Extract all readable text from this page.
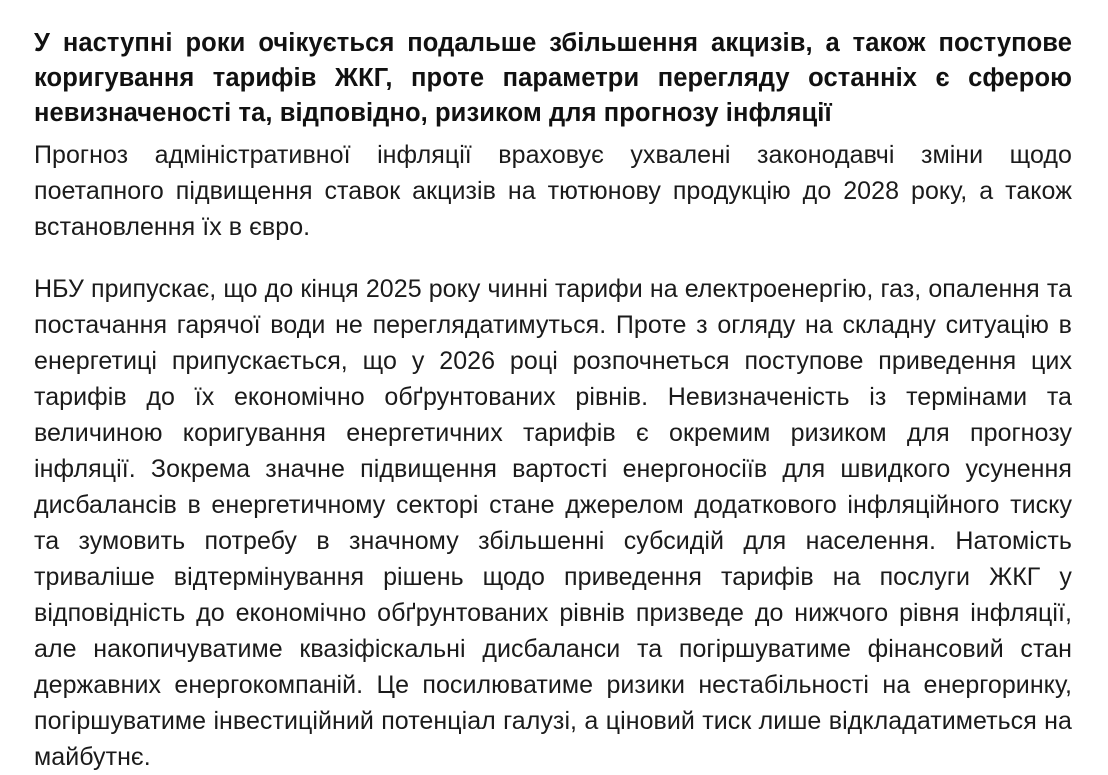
У наступні роки очікується подальше збільшення акцизів, а також поступове коригування тарифів ЖКГ, проте параметри перегляду останніх є сферою невизначеності та, відповідно, ризиком для прогнозу інфляції

Прогноз адміністративної інфляції враховує ухвалені законодавчі зміни щодо поетапного підвищення ставок акцизів на тютюнову продукцію до 2028 року, а також встановлення їх в євро.

НБУ припускає, що до кінця 2025 року чинні тарифи на електроенергію, газ, опалення та постачання гарячої води не переглядатимуться. Проте з огляду на складну ситуацію в енергетиці припускається, що у 2026 році розпочнеться поступове приведення цих тарифів до їх економічно обґрунтованих рівнів. Невизначеність із термінами та величиною коригування енергетичних тарифів є окремим ризиком для прогнозу інфляції. Зокрема значне підвищення вартості енергоносіїв для швидкого усунення дисбалансів в енергетичному секторі стане джерелом додаткового інфляційного тиску та зумовить потребу в значному збільшенні субсидій для населення. Натомість триваліше відтермінування рішень щодо приведення тарифів на послуги ЖКГ у відповідність до економічно обґрунтованих рівнів призведе до нижчого рівня інфляції, але накопичуватиме квазіфіскальні дисбаланси та погіршуватиме фінансовий стан державних енергокомпаній. Це посилюватиме ризики нестабільності на енергоринку, погіршуватиме інвестиційний потенціал галузі, а ціновий тиск лише відкладатиметься на майбутнє.
